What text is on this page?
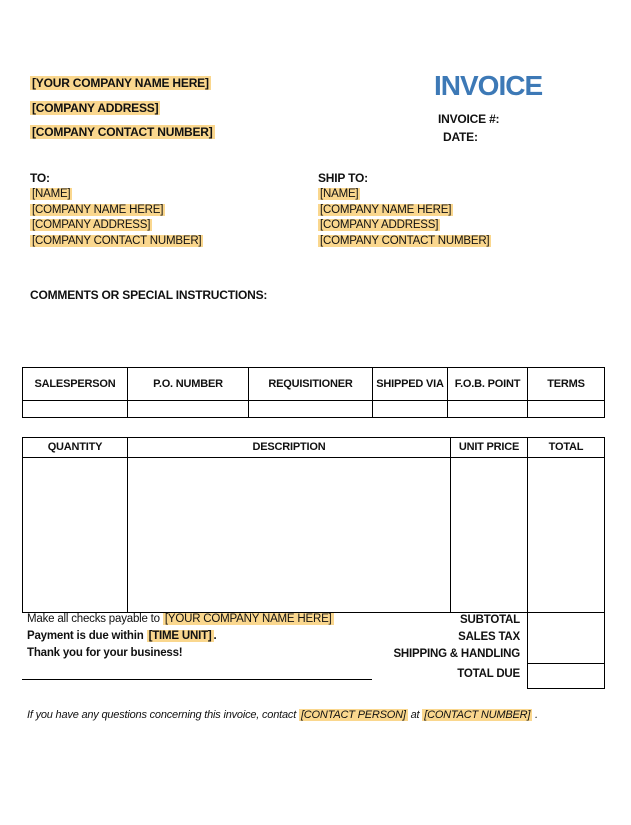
[YOUR COMPANY NAME HERE]
[COMPANY ADDRESS]
[COMPANY CONTACT NUMBER]
INVOICE
INVOICE #:
DATE:
TO:
[NAME]
[COMPANY NAME HERE]
[COMPANY ADDRESS]
[COMPANY CONTACT NUMBER]
SHIP TO:
[NAME]
[COMPANY NAME HERE]
[COMPANY ADDRESS]
[COMPANY CONTACT NUMBER]
COMMENTS OR SPECIAL INSTRUCTIONS:
SALESPERSON	P.O. NUMBER	REQUISITIONER	SHIPPED VIA	F.O.B. POINT	TERMS

QUANTITY	DESCRIPTION	UNIT PRICE	TOTAL

SUBTOTAL
SALES TAX
SHIPPING & HANDLING
TOTAL DUE
Make all checks payable to [YOUR COMPANY NAME HERE]
Payment is due within [TIME UNIT] .
Thank you for your business!
If you have any questions concerning this invoice, contact [CONTACT PERSON] at [CONTACT NUMBER] .
